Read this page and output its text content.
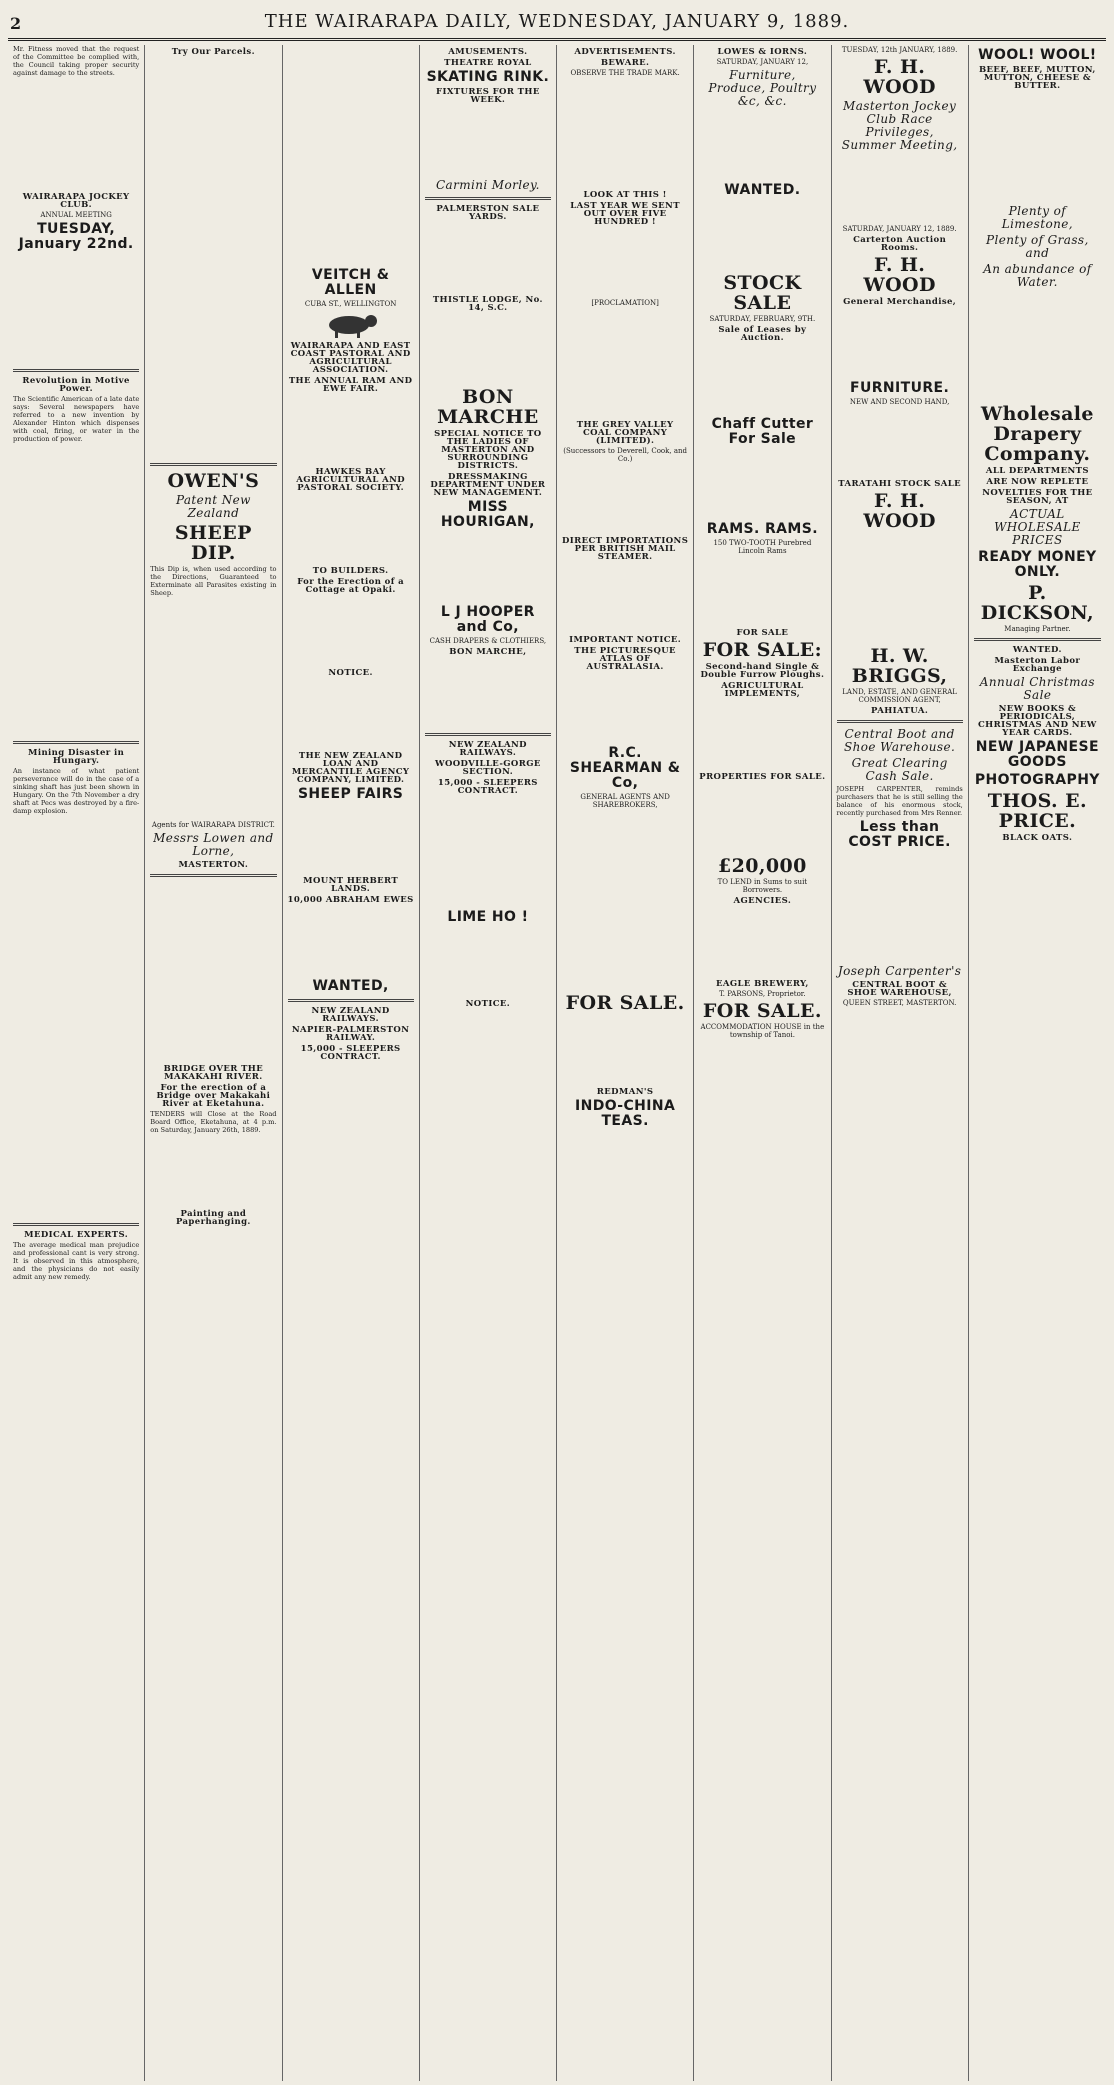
2	THE WAIRARAPA DAILY, WEDNESDAY, JANUARY 9, 1889.

Mr. Fitness moved that the request of the Committee be complied with, the Council taking proper security against damage to the streets.

WAIRARAPA JOCKEY CLUB.
ANNUAL MEETING
TUESDAY, January 22nd.
Revolution in Motive Power.

The Scientific American of a late date says: Several newspapers have referred to a new invention by Alexander Hinton which dispenses with coal, firing, or water in the production of power.

Mining Disaster in Hungary.

An instance of what patient perseverance will do in the case of a sinking shaft has just been shown in Hungary. On the 7th November a dry shaft at Pecs was destroyed by a fire-damp explosion.

MEDICAL EXPERTS.

The average medical man prejudice and professional cant is very strong. It is observed in this atmosphere, and the physicians do not easily admit any new remedy.

Try Our Parcels.
OWEN'S
Patent New Zealand
SHEEP DIP.

This Dip is, when used according to the Directions, Guaranteed to Exterminate all Parasites existing in Sheep.

Agents for WAIRARAPA DISTRICT.
Messrs Lowen and Lorne,
MASTERTON.
BRIDGE OVER THE MAKAKAHI RIVER.
For the erection of a Bridge over Makakahi River at Eketahuna.

TENDERS will Close at the Road Board Office, Eketahuna, at 4 p.m. on Saturday, January 26th, 1889.

Painting and Paperhanging.
VEITCH & ALLEN
CUBA ST., WELLINGTON
WAIRARAPA AND EAST COAST PASTORAL AND AGRICULTURAL ASSOCIATION.
THE ANNUAL RAM AND EWE FAIR.
HAWKES BAY AGRICULTURAL AND PASTORAL SOCIETY.
TO BUILDERS.
For the Erection of a Cottage at Opaki.
NOTICE.
THE NEW ZEALAND LOAN AND MERCANTILE AGENCY COMPANY, LIMITED.
SHEEP FAIRS
MOUNT HERBERT LANDS.
10,000 ABRAHAM EWES
WANTED,
NEW ZEALAND RAILWAYS.
NAPIER-PALMERSTON RAILWAY.
15,000 - SLEEPERS CONTRACT.
AMUSEMENTS.
THEATRE ROYAL
SKATING RINK.
FIXTURES FOR THE WEEK.
Carmini Morley.
PALMERSTON SALE YARDS.
THISTLE LODGE, No. 14, S.C.
BON MARCHE
SPECIAL NOTICE TO THE LADIES OF MASTERTON AND SURROUNDING DISTRICTS.
DRESSMAKING DEPARTMENT UNDER NEW MANAGEMENT.
MISS HOURIGAN,
L J HOOPER and Co,
CASH DRAPERS & CLOTHIERS,
BON MARCHE,
NEW ZEALAND RAILWAYS.
WOODVILLE-GORGE SECTION.
15,000 - SLEEPERS CONTRACT.
LIME HO !
NOTICE.
ADVERTISEMENTS.
BEWARE.
OBSERVE THE TRADE MARK.
LOOK AT THIS !
LAST YEAR WE SENT OUT OVER FIVE HUNDRED !
[PROCLAMATION]
THE GREY VALLEY COAL COMPANY (LIMITED).
(Successors to Deverell, Cook, and Co.)
DIRECT IMPORTATIONS PER BRITISH MAIL STEAMER.
IMPORTANT NOTICE.
THE PICTURESQUE ATLAS OF AUSTRALASIA.
R.C. SHEARMAN & Co,
GENERAL AGENTS AND SHAREBROKERS,
FOR SALE.
REDMAN'S
INDO-CHINA TEAS.
LOWES & IORNS.
SATURDAY, JANUARY 12,
Furniture, Produce, Poultry &c, &c.
WANTED.
STOCK SALE
SATURDAY, FEBRUARY, 9TH.
Sale of Leases by Auction.
Chaff Cutter For Sale
RAMS. RAMS.
150 TWO-TOOTH Purebred Lincoln Rams
FOR SALE
FOR SALE:
Second-hand Single & Double Furrow Ploughs.
AGRICULTURAL IMPLEMENTS,
PROPERTIES FOR SALE.
£20,000
TO LEND in Sums to suit Borrowers.
AGENCIES.
EAGLE BREWERY,
T. PARSONS, Proprietor.
FOR SALE.
ACCOMMODATION HOUSE in the township of Tanoi.
TUESDAY, 12th JANUARY, 1889.
F. H. WOOD
Masterton Jockey Club Race Privileges, Summer Meeting,
SATURDAY, JANUARY 12, 1889.
Carterton Auction Rooms.
F. H. WOOD
General Merchandise,
FURNITURE.
NEW AND SECOND HAND,
TARATAHI STOCK SALE
F. H. WOOD
H. W. BRIGGS,
LAND, ESTATE, AND GENERAL COMMISSION AGENT,
PAHIATUA.
Central Boot and Shoe Warehouse.
Great Clearing Cash Sale.

JOSEPH CARPENTER, reminds purchasers that he is still selling the balance of his enormous stock, recently purchased from Mrs Renner.

Less than COST PRICE.
Joseph Carpenter's
CENTRAL BOOT & SHOE WAREHOUSE,
QUEEN STREET, MASTERTON.
WOOL! WOOL!
BEEF, BEEF, MUTTON, MUTTON, CHEESE & BUTTER.
Plenty of Limestone,
Plenty of Grass, and
An abundance of Water.
Wholesale Drapery Company.
ALL DEPARTMENTS
ARE NOW REPLETE
NOVELTIES FOR THE SEASON, AT
ACTUAL WHOLESALE PRICES
READY MONEY ONLY.
P. DICKSON,
Managing Partner.
WANTED.
Masterton Labor Exchange
Annual Christmas Sale
NEW BOOKS & PERIODICALS, CHRISTMAS AND NEW YEAR CARDS.
NEW JAPANESE GOODS
PHOTOGRAPHY
THOS. E. PRICE.
BLACK OATS.
